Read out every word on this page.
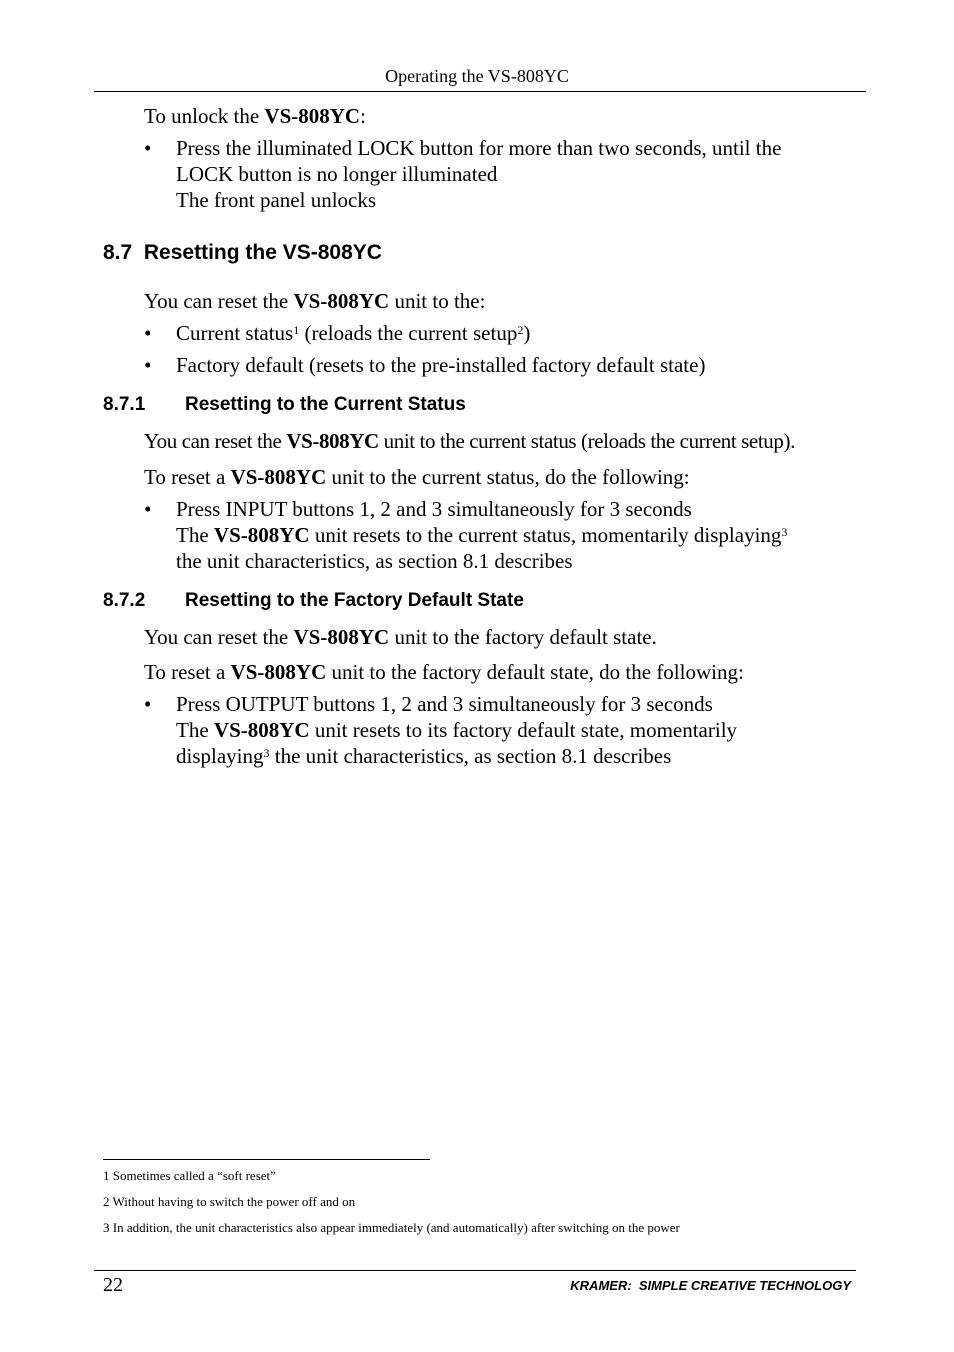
Operating the VS-808YC
To unlock the VS-808YC:
•	Press the illuminated LOCK button for more than two seconds, until the
LOCK button is no longer illuminated
The front panel unlocks
8.7 Resetting the VS-808YC
You can reset the VS-808YC unit to the:
•	Current status$^1$ (reloads the current setup$^2$)
•	Factory default (resets to the pre-installed factory default state)
8.7.1 Resetting to the Current Status
You can reset the VS-808YC unit to the current status (reloads the current setup).
To reset a VS-808YC unit to the current status, do the following:
•	Press INPUT buttons 1, 2 and 3 simultaneously for 3 seconds
The VS-808YC unit resets to the current status, momentarily displaying$^3$
the unit characteristics, as section 8.1 describes
8.7.2 Resetting to the Factory Default State
You can reset the VS-808YC unit to the factory default state.
To reset a VS-808YC unit to the factory default state, do the following:
•	Press OUTPUT buttons 1, 2 and 3 simultaneously for 3 seconds
The VS-808YC unit resets to its factory default state, momentarily
displaying$^3$ the unit characteristics, as section 8.1 describes
1 Sometimes called a “soft reset”
2 Without having to switch the power off and on
3 In addition, the unit characteristics also appear immediately (and automatically) after switching on the power
22	KRAMER:  SIMPLE CREATIVE TECHNOLOGY
